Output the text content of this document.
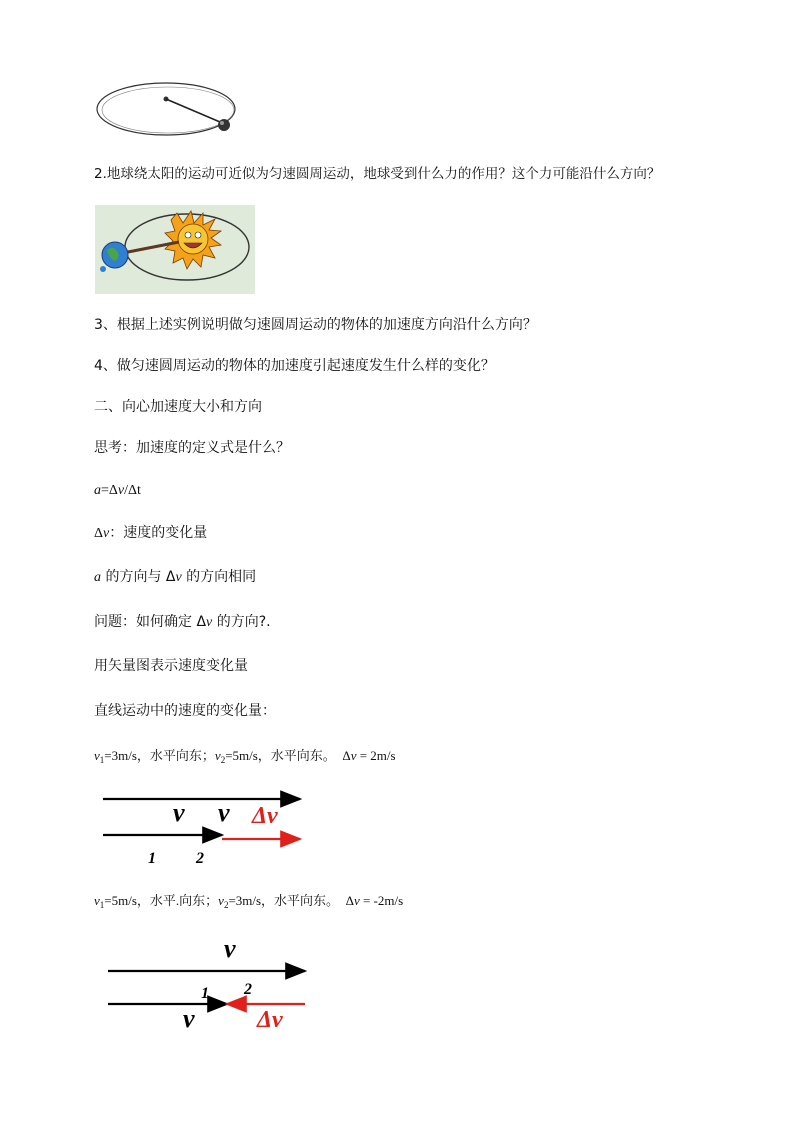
2.地球绕太阳的运动可近似为匀速圆周运动，地球受到什么力的作用？这个力可能沿什么方向？

3、根据上述实例说明做匀速圆周运动的物体的加速度方向沿什么方向？

4、做匀速圆周运动的物体的加速度引起速度发生什么样的变化？

二、向心加速度大小和方向

思考：加速度的定义式是什么？

a=Δv/Δt

Δv：速度的变化量

a 的方向与 Δv 的方向相同

问题：如何确定 Δv 的方向?.

用矢量图表示速度变化量

直线运动中的速度的变化量：

$v_1=3m/s$，水平向东；$v_2=5m/s$，水平向东。 Δv = 2m/s

v v Δv
1	2

$v_1=5m/s$，水平.向东；$v_2=3m/s$，水平向东。 Δv = -2m/s

v
1 2
v	Δv
